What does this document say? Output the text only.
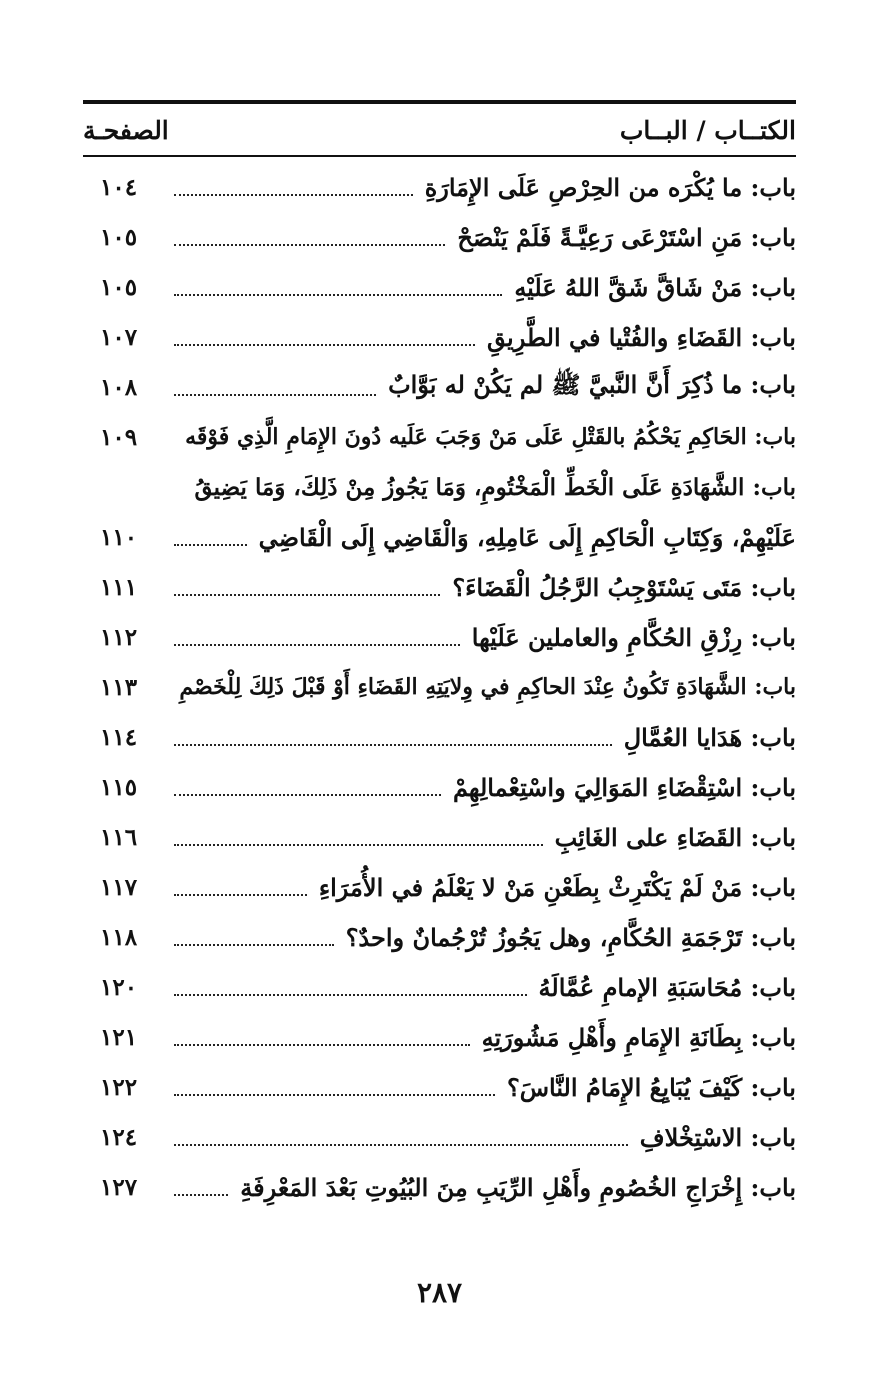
الكتــاب / البــاب
الصفحـة
باب: ما يُكْرَه من الحِرْصِ عَلَى الإِمَارَةِ
١٠٤
باب: مَنِ اسْتَرْعَى رَعِيَّـةً فَلَمْ يَنْصَحْ
١٠٥
باب: مَنْ شَاقَّ شَقَّ اللهُ عَلَيْهِ
١٠٥
باب: القَضَاءِ والفُتْيا في الطَّرِيقِ
١٠٧
باب: ما ذُكِرَ أَنَّ النَّبيَّ ﷺ لم يَكُنْ له بَوَّابٌ
١٠٨
باب: الحَاكِمِ يَحْكُمُ بالقَتْلِ عَلَى مَنْ وَجَبَ عَلَيه دُونَ الإِمَامِ الَّذِي فَوْقَه
١٠٩
باب: الشَّهَادَةِ عَلَى الْخَطِّ الْمَخْتُومِ، وَمَا يَجُوزُ مِنْ ذَلِكَ، وَمَا يَضِيقُ
عَلَيْهِمْ، وَكِتَابِ الْحَاكِمِ إِلَى عَامِلِهِ، وَالْقَاضِي إِلَى الْقَاضِي
١١٠
باب: مَتَى يَسْتَوْجِبُ الرَّجُلُ الْقَضَاءَ؟
١١١
باب: رِزْقِ الحُكَّامِ والعاملين عَلَيْها
١١٢
باب: الشَّهَادَةِ تَكُونُ عِنْدَ الحاكِمِ في وِلايَتِهِ القَضَاءِ أَوْ قَبْلَ ذَلِكَ لِلْخَصْمِ
١١٣
باب: هَدَايا العُمَّالِ
١١٤
باب: اسْتِقْضَاءِ المَوَالِيَ واسْتِعْمالِهِمْ
١١٥
باب: القَضَاءِ على الغَائِبِ
١١٦
باب: مَنْ لَمْ يَكْتَرِثْ بِطَعْنِ مَنْ لا يَعْلَمُ في الأُمَرَاءِ
١١٧
باب: تَرْجَمَةِ الحُكَّامِ، وهل يَجُوزُ تُرْجُمانٌ واحدٌ؟
١١٨
باب: مُحَاسَبَةِ الإمامِ عُمَّالَهُ
١٢٠
باب: بِطَانَةِ الإِمَامِ وأَهْلِ مَشُورَتِهِ
١٢١
باب: كَيْفَ يُبَايِعُ الإِمَامُ النَّاسَ؟
١٢٢
باب: الاسْتِخْلافِ
١٢٤
باب: إِخْرَاجِ الخُصُومِ وأَهْلِ الرِّيَبِ مِنَ البُيُوتِ بَعْدَ المَعْرِفَةِ
١٢٧
٢٨٧
